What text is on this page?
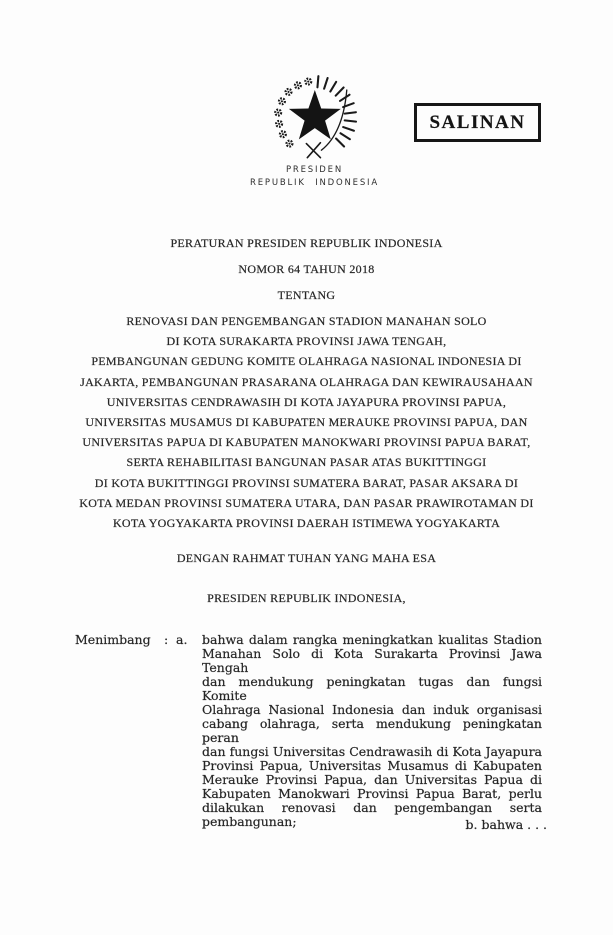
PRESIDEN
REPUBLIK INDONESIA
SALINAN
PERATURAN PRESIDEN REPUBLIK INDONESIA
NOMOR 64 TAHUN 2018
TENTANG
RENOVASI DAN PENGEMBANGAN STADION MANAHAN SOLO
DI KOTA SURAKARTA PROVINSI JAWA TENGAH,
PEMBANGUNAN GEDUNG KOMITE OLAHRAGA NASIONAL INDONESIA DI
JAKARTA, PEMBANGUNAN PRASARANA OLAHRAGA DAN KEWIRAUSAHAAN
UNIVERSITAS CENDRAWASIH DI KOTA JAYAPURA PROVINSI PAPUA,
UNIVERSITAS MUSAMUS DI KABUPATEN MERAUKE PROVINSI PAPUA, DAN
UNIVERSITAS PAPUA DI KABUPATEN MANOKWARI PROVINSI PAPUA BARAT,
SERTA REHABILITASI BANGUNAN PASAR ATAS BUKITTINGGI
DI KOTA BUKITTINGGI PROVINSI SUMATERA BARAT, PASAR AKSARA DI
KOTA MEDAN PROVINSI SUMATERA UTARA, DAN PASAR PRAWIROTAMAN DI
KOTA YOGYAKARTA PROVINSI DAERAH ISTIMEWA YOGYAKARTA
DENGAN RAHMAT TUHAN YANG MAHA ESA
PRESIDEN REPUBLIK INDONESIA,
Menimbang : a. bahwa dalam rangka meningkatkan kualitas Stadion
Manahan Solo di Kota Surakarta Provinsi Jawa Tengah
dan mendukung peningkatan tugas dan fungsi Komite
Olahraga Nasional Indonesia dan induk organisasi
cabang olahraga, serta mendukung peningkatan peran
dan fungsi Universitas Cendrawasih di Kota Jayapura
Provinsi Papua, Universitas Musamus di Kabupaten
Merauke Provinsi Papua, dan Universitas Papua di
Kabupaten Manokwari Provinsi Papua Barat, perlu
dilakukan renovasi dan pengembangan serta
pembangunan;	b. bahwa . . .
